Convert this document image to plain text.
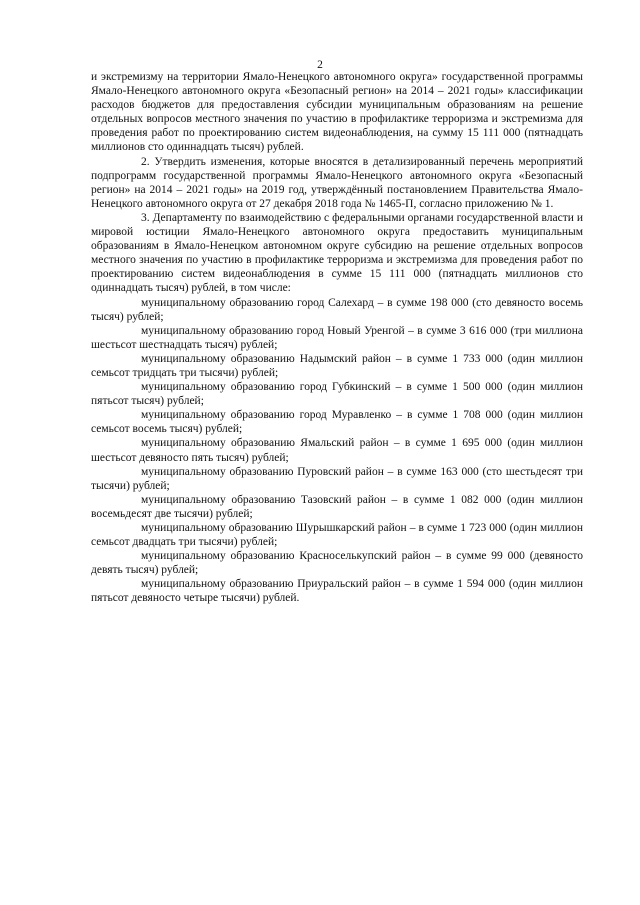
2

и экстремизму на территории Ямало-Ненецкого автономного округа» государственной программы Ямало-Ненецкого автономного округа «Безопасный регион» на 2014 – 2021 годы» классификации расходов бюджетов для предоставления субсидии муниципальным образованиям на решение отдельных вопросов местного значения по участию в профилактике терроризма и экстремизма для проведения работ по проектированию систем видеонаблюдения, на сумму 15 111 000 (пятнадцать миллионов сто одиннадцать тысяч) рублей.

2. Утвердить изменения, которые вносятся в детализированный перечень мероприятий подпрограмм государственной программы Ямало-Ненецкого автономного округа «Безопасный регион» на 2014 – 2021 годы» на 2019 год, утверждённый постановлением Правительства Ямало-Ненецкого автономного округа от 27 декабря 2018 года № 1465-П, согласно приложению № 1.

3. Департаменту по взаимодействию с федеральными органами государственной власти и мировой юстиции Ямало-Ненецкого автономного округа предоставить муниципальным образованиям в Ямало-Ненецком автономном округе субсидию на решение отдельных вопросов местного значения по участию в профилактике терроризма и экстремизма для проведения работ по проектированию систем видеонаблюдения в сумме 15 111 000 (пятнадцать миллионов сто одиннадцать тысяч) рублей, в том числе:

муниципальному образованию город Салехард – в сумме 198 000 (сто девяносто восемь тысяч) рублей;

муниципальному образованию город Новый Уренгой – в сумме 3 616 000 (три миллиона шестьсот шестнадцать тысяч) рублей;

муниципальному образованию Надымский район – в сумме 1 733 000 (один миллион семьсот тридцать три тысячи) рублей;

муниципальному образованию город Губкинский – в сумме 1 500 000 (один миллион пятьсот тысяч) рублей;

муниципальному образованию город Муравленко – в сумме 1 708 000 (один миллион семьсот восемь тысяч) рублей;

муниципальному образованию Ямальский район – в сумме 1 695 000 (один миллион шестьсот девяносто пять тысяч) рублей;

муниципальному образованию Пуровский район – в сумме 163 000 (сто шестьдесят три тысячи) рублей;

муниципальному образованию Тазовский район – в сумме 1 082 000 (один миллион восемьдесят две тысячи) рублей;

муниципальному образованию Шурышкарский район – в сумме 1 723 000 (один миллион семьсот двадцать три тысячи) рублей;

муниципальному образованию Красноселькупский район – в сумме 99 000 (девяносто девять тысяч) рублей;

муниципальному образованию Приуральский район – в сумме 1 594 000 (один миллион пятьсот девяносто четыре тысячи) рублей.
